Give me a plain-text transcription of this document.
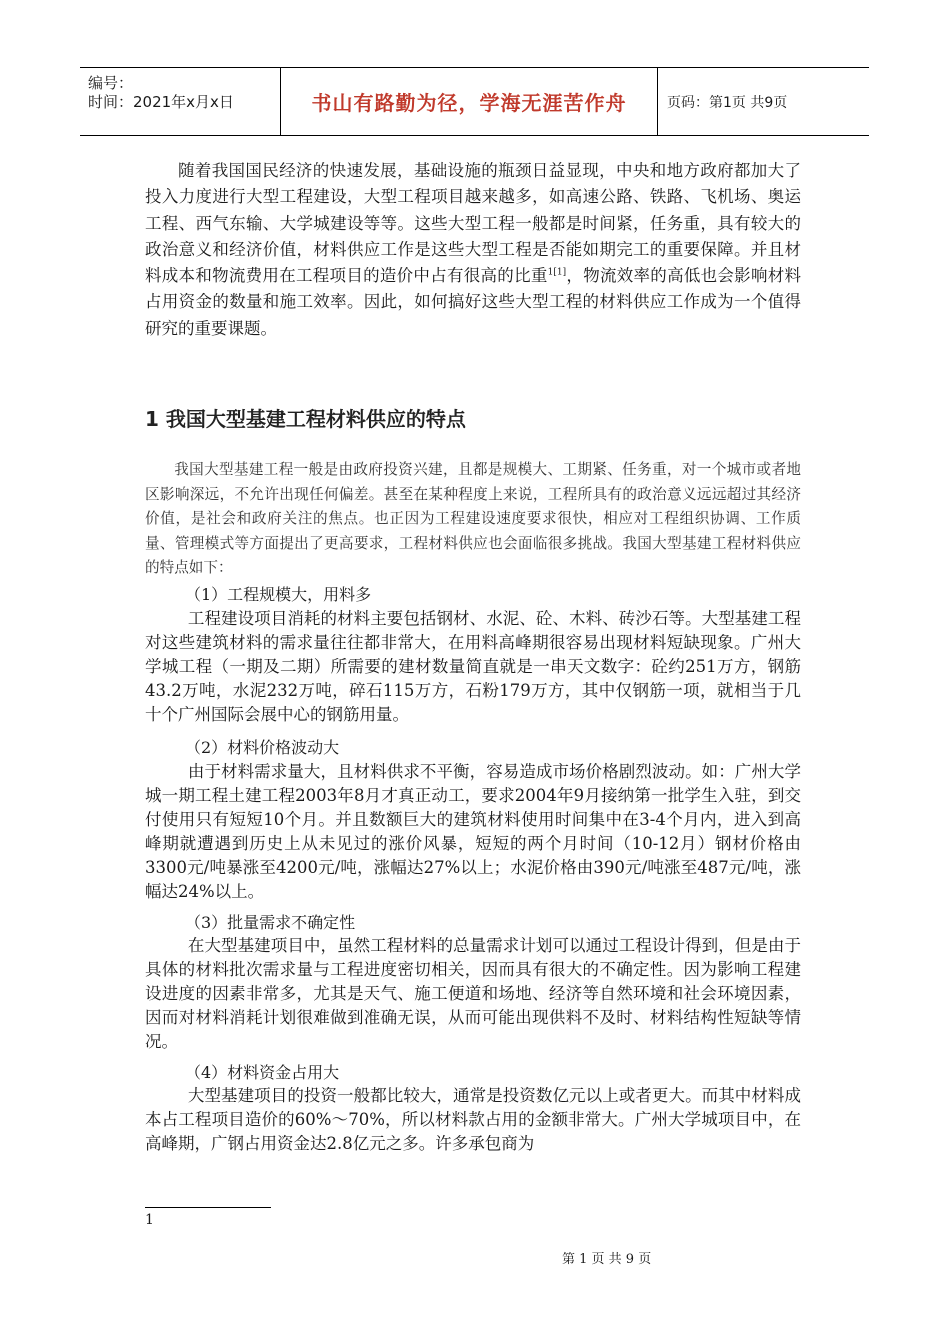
编号：
时间：2021年x月x日	书山有路勤为径，学海无涯苦作舟	页码：第1页 共9页

随着我国国民经济的快速发展，基础设施的瓶颈日益显现，中央和地方政府都加大了投入力度进行大型工程建设，大型工程项目越来越多，如高速公路、铁路、飞机场、奥运工程、西气东输、大学城建设等等。这些大型工程一般都是时间紧，任务重，具有较大的政治意义和经济价值，材料供应工作是这些大型工程是否能如期完工的重要保障。并且材料成本和物流费用在工程项目的造价中占有很高的比重$^{1[1]}$，物流效率的高低也会影响材料占用资金的数量和施工效率。因此，如何搞好这些大型工程的材料供应工作成为一个值得研究的重要课题。

1 我国大型基建工程材料供应的特点

我国大型基建工程一般是由政府投资兴建，且都是规模大、工期紧、任务重，对一个城市或者地区影响深远，不允许出现任何偏差。甚至在某种程度上来说，工程所具有的政治意义远远超过其经济价值，是社会和政府关注的焦点。也正因为工程建设速度要求很快，相应对工程组织协调、工作质量、管理模式等方面提出了更高要求，工程材料供应也会面临很多挑战。我国大型基建工程材料供应的特点如下：

（1）工程规模大，用料多

工程建设项目消耗的材料主要包括钢材、水泥、砼、木料、砖沙石等。大型基建工程对这些建筑材料的需求量往往都非常大，在用料高峰期很容易出现材料短缺现象。广州大学城工程（一期及二期）所需要的建材数量简直就是一串天文数字：砼约251万方，钢筋43.2万吨，水泥232万吨，碎石115万方，石粉179万方，其中仅钢筋一项，就相当于几十个广州国际会展中心的钢筋用量。

（2）材料价格波动大

由于材料需求量大，且材料供求不平衡，容易造成市场价格剧烈波动。如：广州大学城一期工程土建工程2003年8月才真正动工，要求2004年9月接纳第一批学生入驻，到交付使用只有短短10个月。并且数额巨大的建筑材料使用时间集中在3-4个月内，进入到高峰期就遭遇到历史上从未见过的涨价风暴，短短的两个月时间（10-12月）钢材价格由3300元/吨暴涨至4200元/吨，涨幅达27%以上；水泥价格由390元/吨涨至487元/吨，涨幅达24%以上。

（3）批量需求不确定性

在大型基建项目中，虽然工程材料的总量需求计划可以通过工程设计得到，但是由于具体的材料批次需求量与工程进度密切相关，因而具有很大的不确定性。因为影响工程建设进度的因素非常多，尤其是天气、施工便道和场地、经济等自然环境和社会环境因素，因而对材料消耗计划很难做到准确无误，从而可能出现供料不及时、材料结构性短缺等情况。

（4）材料资金占用大

大型基建项目的投资一般都比较大，通常是投资数亿元以上或者更大。而其中材料成本占工程项目造价的60%～70%，所以材料款占用的金额非常大。广州大学城项目中，在高峰期，广钢占用资金达2.8亿元之多。许多承包商为

1

第 1 页 共 9 页
